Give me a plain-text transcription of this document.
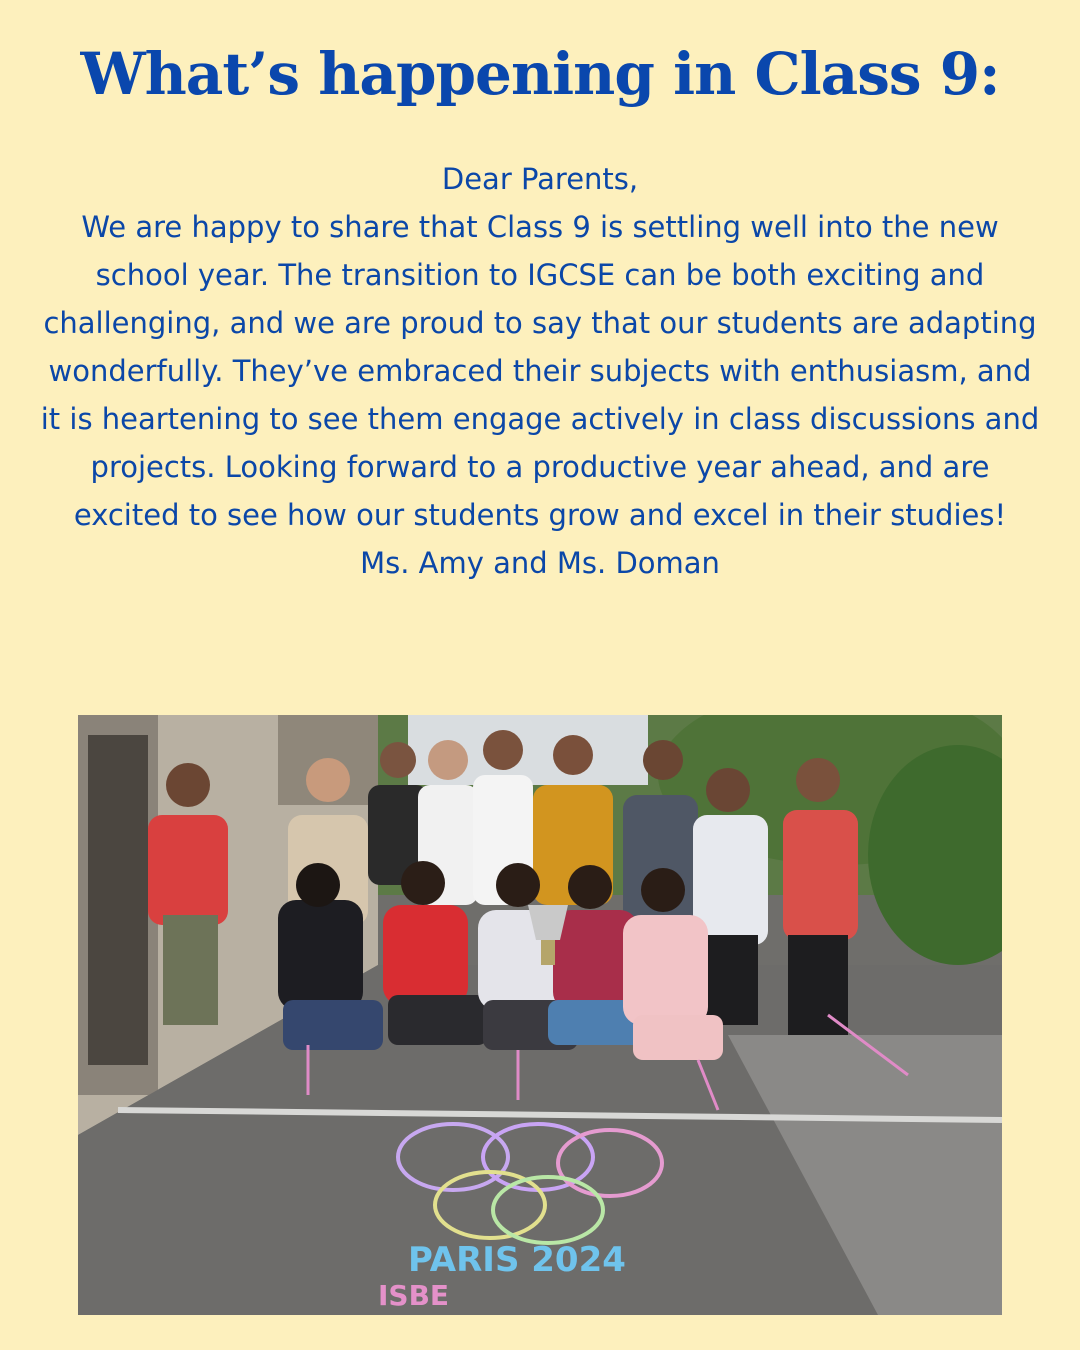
What’s happening in Class 9:

Dear Parents,

We are happy to share that Class 9 is settling well into the new school year. The transition to IGCSE can be both exciting and challenging, and we are proud to say that our students are adapting wonderfully. They’ve embraced their subjects with enthusiasm, and it is heartening to see them engage actively in class discussions and projects. Looking forward to a productive year ahead, and are excited to see how our students grow and excel in their studies!

Ms. Amy and Ms. Doman

PARIS 2024
ISBE
